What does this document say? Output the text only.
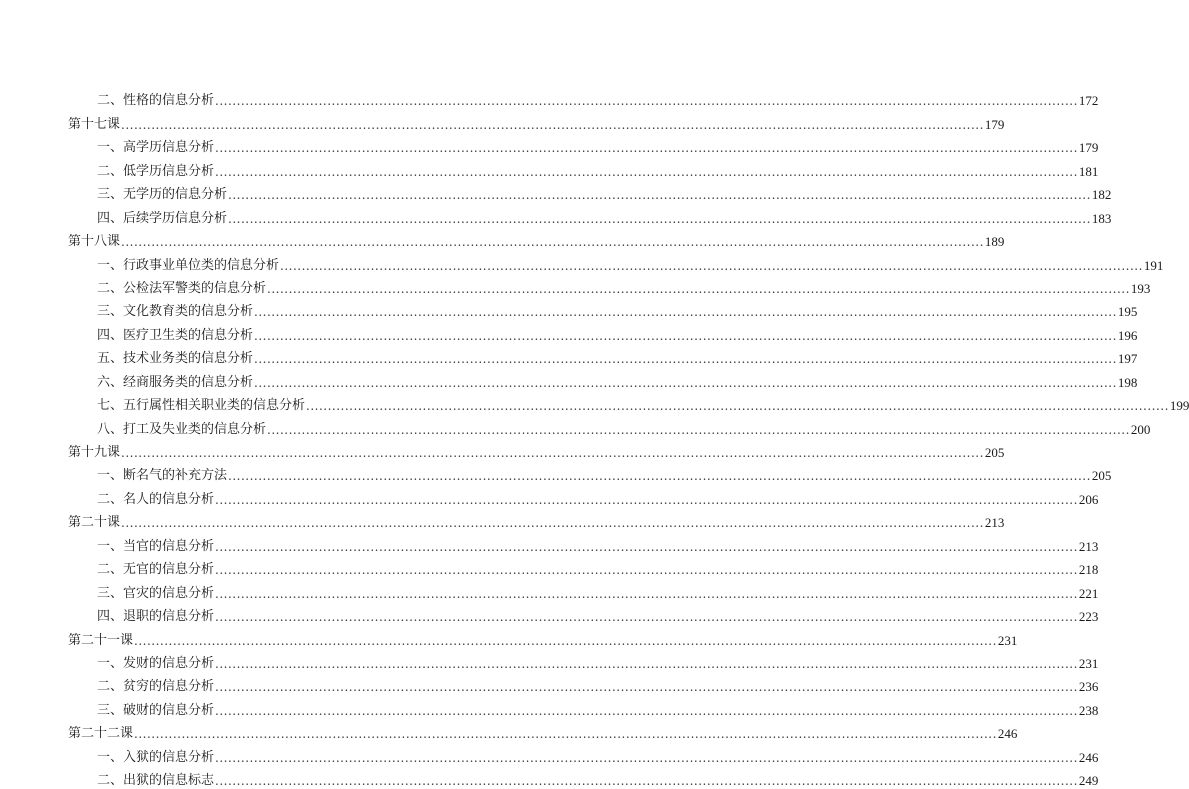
二、性格的信息分析 ........................................................................................................................................................................................................ 172
第十七课 ........................................................................................................................................................................................................ 179
一、高学历信息分析 ........................................................................................................................................................................................................ 179
二、低学历信息分析 ........................................................................................................................................................................................................ 181
三、无学历的信息分析 ........................................................................................................................................................................................................ 182
四、后续学历信息分析 ........................................................................................................................................................................................................ 183
第十八课 ........................................................................................................................................................................................................ 189
一、行政事业单位类的信息分析 ........................................................................................................................................................................................................ 191
二、公检法军警类的信息分析 ........................................................................................................................................................................................................ 193
三、文化教育类的信息分析 ........................................................................................................................................................................................................ 195
四、医疗卫生类的信息分析 ........................................................................................................................................................................................................ 196
五、技术业务类的信息分析 ........................................................................................................................................................................................................ 197
六、经商服务类的信息分析 ........................................................................................................................................................................................................ 198
七、五行属性相关职业类的信息分析 ........................................................................................................................................................................................................ 199
八、打工及失业类的信息分析 ........................................................................................................................................................................................................ 200
第十九课 ........................................................................................................................................................................................................ 205
一、断名气的补充方法 ........................................................................................................................................................................................................ 205
二、名人的信息分析 ........................................................................................................................................................................................................ 206
第二十课 ........................................................................................................................................................................................................ 213
一、当官的信息分析 ........................................................................................................................................................................................................ 213
二、无官的信息分析 ........................................................................................................................................................................................................ 218
三、官灾的信息分析 ........................................................................................................................................................................................................ 221
四、退职的信息分析 ........................................................................................................................................................................................................ 223
第二十一课 ........................................................................................................................................................................................................ 231
一、发财的信息分析 ........................................................................................................................................................................................................ 231
二、贫穷的信息分析 ........................................................................................................................................................................................................ 236
三、破财的信息分析 ........................................................................................................................................................................................................ 238
第二十二课 ........................................................................................................................................................................................................ 246
一、入狱的信息分析 ........................................................................................................................................................................................................ 246
二、出狱的信息标志 ........................................................................................................................................................................................................ 249
